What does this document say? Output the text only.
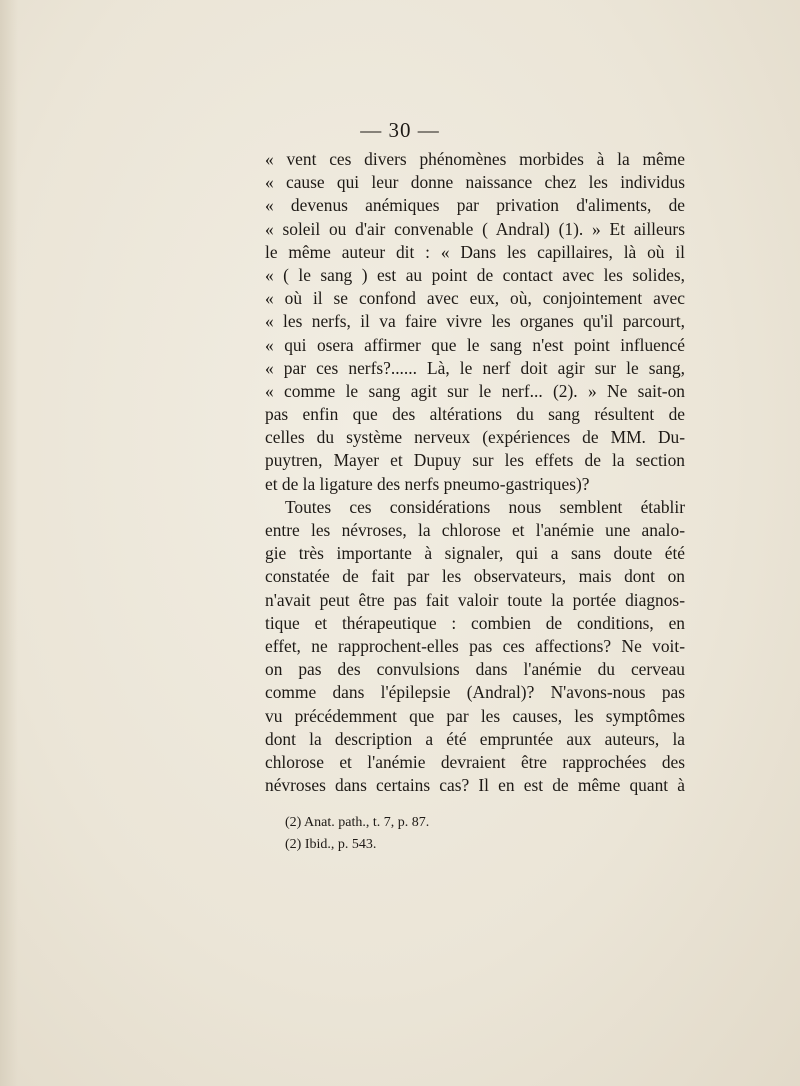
— 30 —
« vent ces divers phénomènes morbides à la même
« cause qui leur donne naissance chez les individus
« devenus anémiques par privation d'aliments, de
« soleil ou d'air convenable ( Andral) (1). » Et ailleurs
le même auteur dit : « Dans les capillaires, là où il
« ( le sang ) est au point de contact avec les solides,
« où il se confond avec eux, où, conjointement avec
« les nerfs, il va faire vivre les organes qu'il parcourt,
« qui osera affirmer que le sang n'est point influencé
« par ces nerfs?...... Là, le nerf doit agir sur le sang,
« comme le sang agit sur le nerf... (2). » Ne sait-on
pas enfin que des altérations du sang résultent de
celles du système nerveux (expériences de MM. Du-
puytren, Mayer et Dupuy sur les effets de la section
et de la ligature des nerfs pneumo-gastriques)?
Toutes ces considérations nous semblent établir
entre les névroses, la chlorose et l'anémie une analo-
gie très importante à signaler, qui a sans doute été
constatée de fait par les observateurs, mais dont on
n'avait peut être pas fait valoir toute la portée diagnos-
tique et thérapeutique : combien de conditions, en
effet, ne rapprochent-elles pas ces affections? Ne voit-
on pas des convulsions dans l'anémie du cerveau
comme dans l'épilepsie (Andral)? N'avons-nous pas
vu précédemment que par les causes, les symptômes
dont la description a été empruntée aux auteurs, la
chlorose et l'anémie devraient être rapprochées des
névroses dans certains cas? Il en est de même quant à
(2) Anat. path., t. 7, p. 87.
(2) Ibid., p. 543.
